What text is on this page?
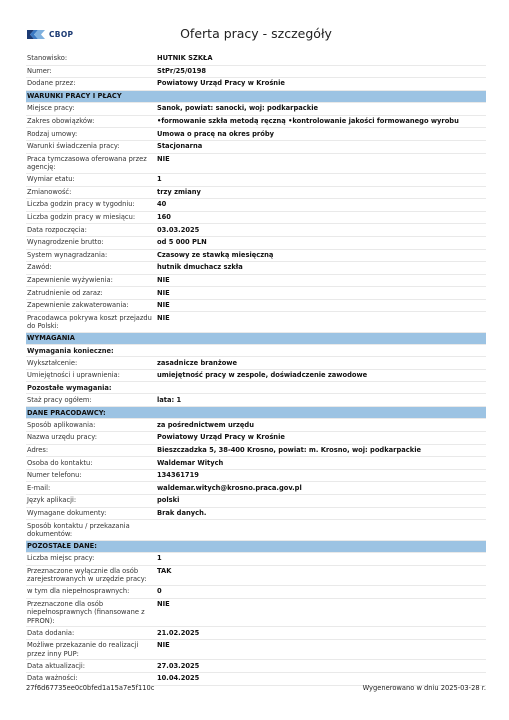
CBOP	Oferta pracy - szczegóły
Stanowisko:	HUTNIK SZKŁA
Numer:	StPr/25/0198
Dodane przez:	Powiatowy Urząd Pracy w Krośnie
WARUNKI PRACY I PŁACY
Miejsce pracy:	Sanok, powiat: sanocki, woj: podkarpackie
Zakres obowiązków:	•formowanie szkła metodą ręczną •kontrolowanie jakości formowanego wyrobu
Rodzaj umowy:	Umowa o pracę na okres próby
Warunki świadczenia pracy:	Stacjonarna
Praca tymczasowa oferowana przez agencję:
NIE
Wymiar etatu:	1
Zmianowość:	trzy zmiany
Liczba godzin pracy w tygodniu:	40
Liczba godzin pracy w miesiącu:	160
Data rozpoczęcia:	03.03.2025
Wynagrodzenie brutto:	od 5 000 PLN
System wynagradzania:	Czasowy ze stawką miesięczną
Zawód:	hutnik dmuchacz szkła
Zapewnienie wyżywienia:	NIE
Zatrudnienie od zaraz:	NIE
Zapewnienie zakwaterowania:	NIE
Pracodawca pokrywa koszt przejazdu do Polski:
NIE
WYMAGANIA
Wymagania konieczne:
Wykształcenie:	zasadnicze branżowe
Umiejętności i uprawnienia:	umiejętność pracy w zespole, doświadczenie zawodowe
Pozostałe wymagania:
Staż pracy ogółem:	lata: 1
DANE PRACODAWCY:
Sposób aplikowania:	za pośrednictwem urzędu
Nazwa urzędu pracy:	Powiatowy Urząd Pracy w Krośnie
Adres:	Bieszczadzka 5, 38-400 Krosno, powiat: m. Krosno, woj: podkarpackie
Osoba do kontaktu:	Waldemar Witych
Numer telefonu:	134361719
E-mail:	waldemar.witych@krosno.praca.gov.pl
Język aplikacji:	polski
Wymagane dokumenty:	Brak danych.
Sposób kontaktu / przekazania dokumentów:
POZOSTAŁE DANE:
Liczba miejsc pracy:	1
Przeznaczone wyłącznie dla osób zarejestrowanych w urzędzie pracy:
TAK
w tym dla niepełnosprawnych:	0
Przeznaczone dla osób niepełnosprawnych (finansowane z PFRON):
NIE
Data dodania:	21.02.2025
Możliwe przekazanie do realizacji przez inny PUP:
NIE
Data aktualizacji:	27.03.2025
Data ważności:	10.04.2025
27f6d67735ee0c0bfed1a15a7e5f110c	Wygenerowano w dniu 2025-03-28 r.
